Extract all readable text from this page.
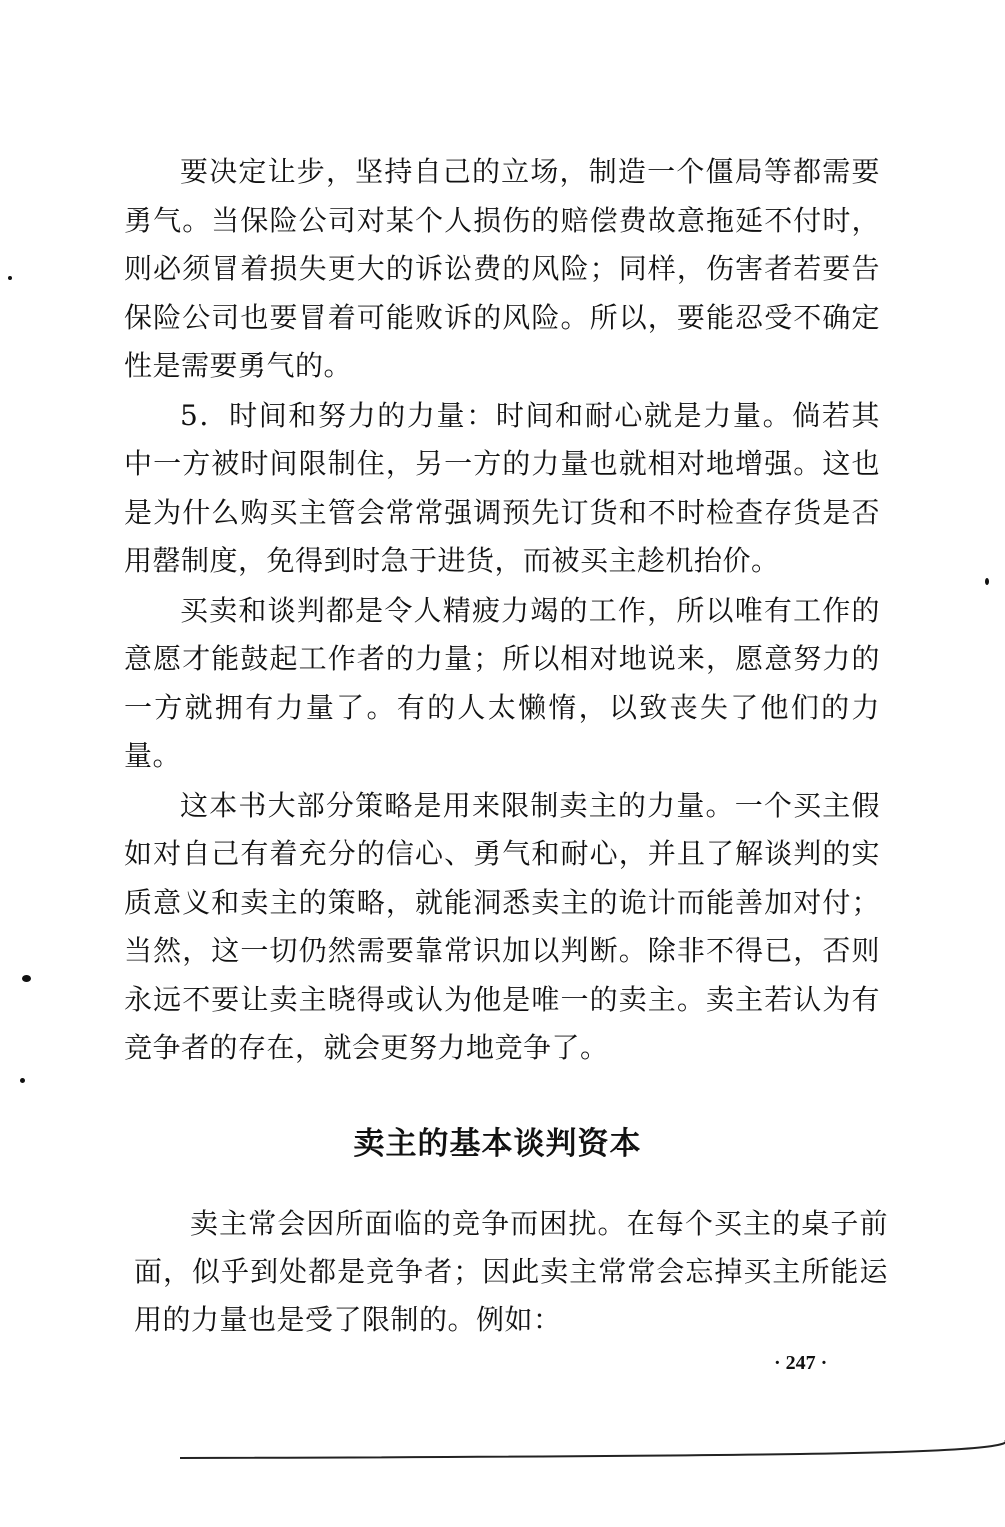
要决定让步，坚持自己的立场，制造一个僵局等都需要勇气。当保险公司对某个人损伤的赔偿费故意拖延不付时，则必须冒着损失更大的诉讼费的风险；同样，伤害者若要告保险公司也要冒着可能败诉的风险。所以，要能忍受不确定性是需要勇气的。

5．时间和努力的力量：时间和耐心就是力量。倘若其中一方被时间限制住，另一方的力量也就相对地增强。这也是为什么购买主管会常常强调预先订货和不时检查存货是否用罄制度，免得到时急于进货，而被买主趁机抬价。

买卖和谈判都是令人精疲力竭的工作，所以唯有工作的意愿才能鼓起工作者的力量；所以相对地说来，愿意努力的一方就拥有力量了。有的人太懒惰，以致丧失了他们的力量。

这本书大部分策略是用来限制卖主的力量。一个买主假如对自己有着充分的信心、勇气和耐心，并且了解谈判的实质意义和卖主的策略，就能洞悉卖主的诡计而能善加对付；当然，这一切仍然需要靠常识加以判断。除非不得已，否则永远不要让卖主晓得或认为他是唯一的卖主。卖主若认为有竞争者的存在，就会更努力地竞争了。

卖主的基本谈判资本

卖主常会因所面临的竞争而困扰。在每个买主的桌子前面，似乎到处都是竞争者；因此卖主常常会忘掉买主所能运用的力量也是受了限制的。例如：

· 247 ·
